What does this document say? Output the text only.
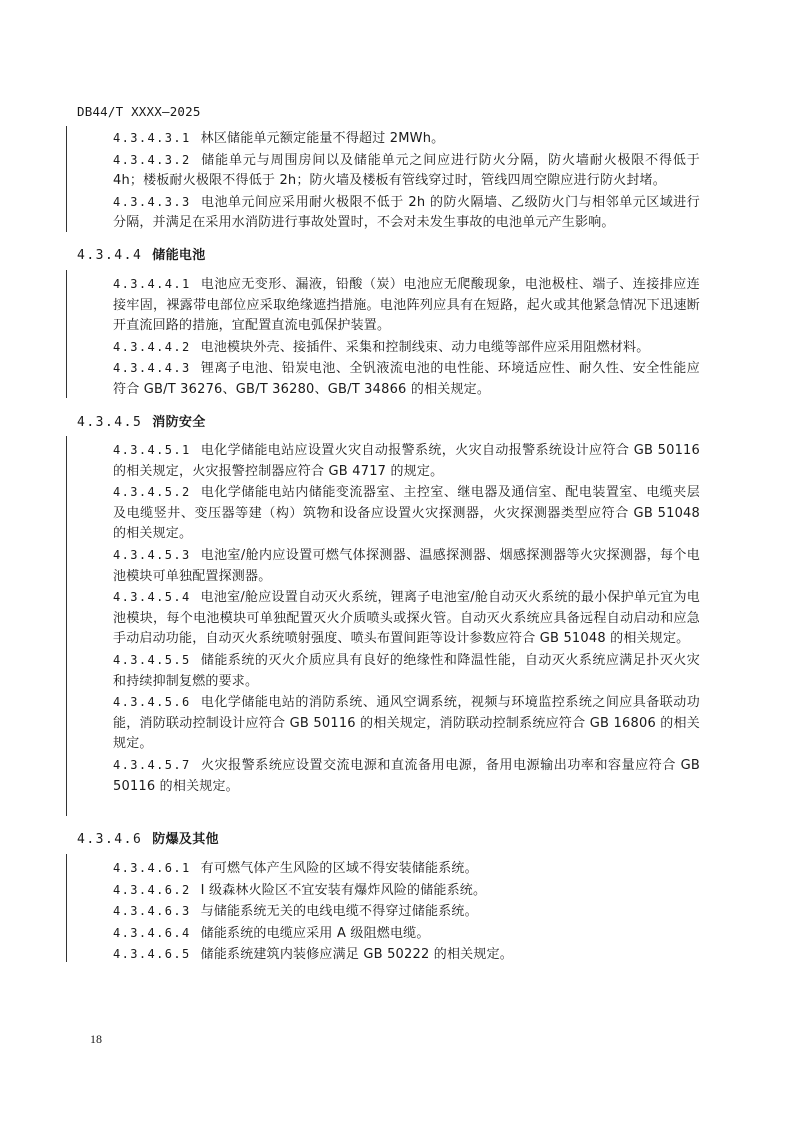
DB44/T XXXX—2025

4.3.4.3.1 林区储能单元额定能量不得超过 2MWh。

4.3.4.3.2 储能单元与周围房间以及储能单元之间应进行防火分隔，防火墙耐火极限不得低于 4h；楼板耐火极限不得低于 2h；防火墙及楼板有管线穿过时，管线四周空隙应进行防火封堵。

4.3.4.3.3 电池单元间应采用耐火极限不低于 2h 的防火隔墙、乙级防火门与相邻单元区域进行分隔，并满足在采用水消防进行事故处置时，不会对未发生事故的电池单元产生影响。

4.3.4.4 储能电池

4.3.4.4.1 电池应无变形、漏液，铅酸（炭）电池应无爬酸现象，电池极柱、端子、连接排应连接牢固，裸露带电部位应采取绝缘遮挡措施。电池阵列应具有在短路，起火或其他紧急情况下迅速断开直流回路的措施，宜配置直流电弧保护装置。

4.3.4.4.2 电池模块外壳、接插件、采集和控制线束、动力电缆等部件应采用阻燃材料。

4.3.4.4.3 锂离子电池、铅炭电池、全钒液流电池的电性能、环境适应性、耐久性、安全性能应符合 GB/T 36276、GB/T 36280、GB/T 34866 的相关规定。

4.3.4.5 消防安全

4.3.4.5.1 电化学储能电站应设置火灾自动报警系统，火灾自动报警系统设计应符合 GB 50116 的相关规定，火灾报警控制器应符合 GB 4717 的规定。

4.3.4.5.2 电化学储能电站内储能变流器室、主控室、继电器及通信室、配电装置室、电缆夹层及电缆竖井、变压器等建（构）筑物和设备应设置火灾探测器，火灾探测器类型应符合 GB 51048 的相关规定。

4.3.4.5.3 电池室/舱内应设置可燃气体探测器、温感探测器、烟感探测器等火灾探测器，每个电池模块可单独配置探测器。

4.3.4.5.4 电池室/舱应设置自动灭火系统，锂离子电池室/舱自动灭火系统的最小保护单元宜为电池模块，每个电池模块可单独配置灭火介质喷头或探火管。自动灭火系统应具备远程自动启动和应急手动启动功能，自动灭火系统喷射强度、喷头布置间距等设计参数应符合 GB 51048 的相关规定。

4.3.4.5.5 储能系统的灭火介质应具有良好的绝缘性和降温性能，自动灭火系统应满足扑灭火灾和持续抑制复燃的要求。

4.3.4.5.6 电化学储能电站的消防系统、通风空调系统，视频与环境监控系统之间应具备联动功能，消防联动控制设计应符合 GB 50116 的相关规定，消防联动控制系统应符合 GB 16806 的相关规定。

4.3.4.5.7 火灾报警系统应设置交流电源和直流备用电源，备用电源输出功率和容量应符合 GB 50116 的相关规定。

4.3.4.6 防爆及其他

4.3.4.6.1 有可燃气体产生风险的区域不得安装储能系统。

4.3.4.6.2 I 级森林火险区不宜安装有爆炸风险的储能系统。

4.3.4.6.3 与储能系统无关的电线电缆不得穿过储能系统。

4.3.4.6.4 储能系统的电缆应采用 A 级阻燃电缆。

4.3.4.6.5 储能系统建筑内装修应满足 GB 50222 的相关规定。

18
